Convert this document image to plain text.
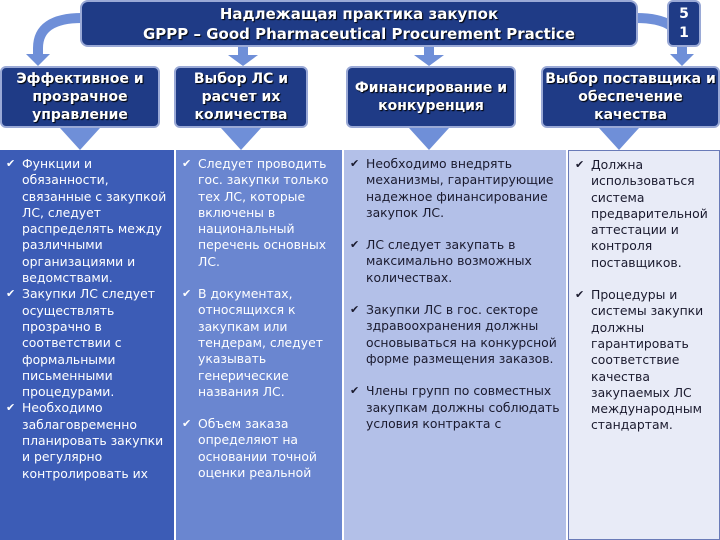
Надлежащая практика закупок
GPPP – Good Pharmaceutical Procurement Practice
5
1
Эффективное и прозрачное управление
Выбор ЛС и расчет их количества
Финансирование и конкуренция
Выбор поставщика и обеспечение качества
✔ Функции и обязанности, связанные с закупкой ЛС, следует распределять между различными организациями и ведомствами.
✔ Закупки ЛС следует осуществлять прозрачно в соответствии с формальными письменными процедурами.
✔ Необходимо заблаговременно планировать закупки и регулярно контролировать их
✔ Следует проводить гос. закупки только тех ЛС, которые включены в национальный перечень основных ЛС.
✔ В документах, относящихся к закупкам или тендерам, следует указывать генерические названия ЛС.
✔ Объем заказа определяют на основании точной оценки реальной
✔ Необходимо внедрять механизмы, гарантирующие надежное финансирование закупок ЛС.
✔ ЛС следует закупать в максимально возможных количествах.
✔ Закупки ЛС в гос. секторе здравоохранения должны основываться на конкурсной форме размещения заказов.
✔ Члены групп по совместных закупкам должны соблюдать условия контракта с
✔ Должна использоваться система предварительной аттестации и контроля поставщиков.
✔ Процедуры и системы закупки должны гарантировать соответствие качества закупаемых ЛС международным стандартам.
